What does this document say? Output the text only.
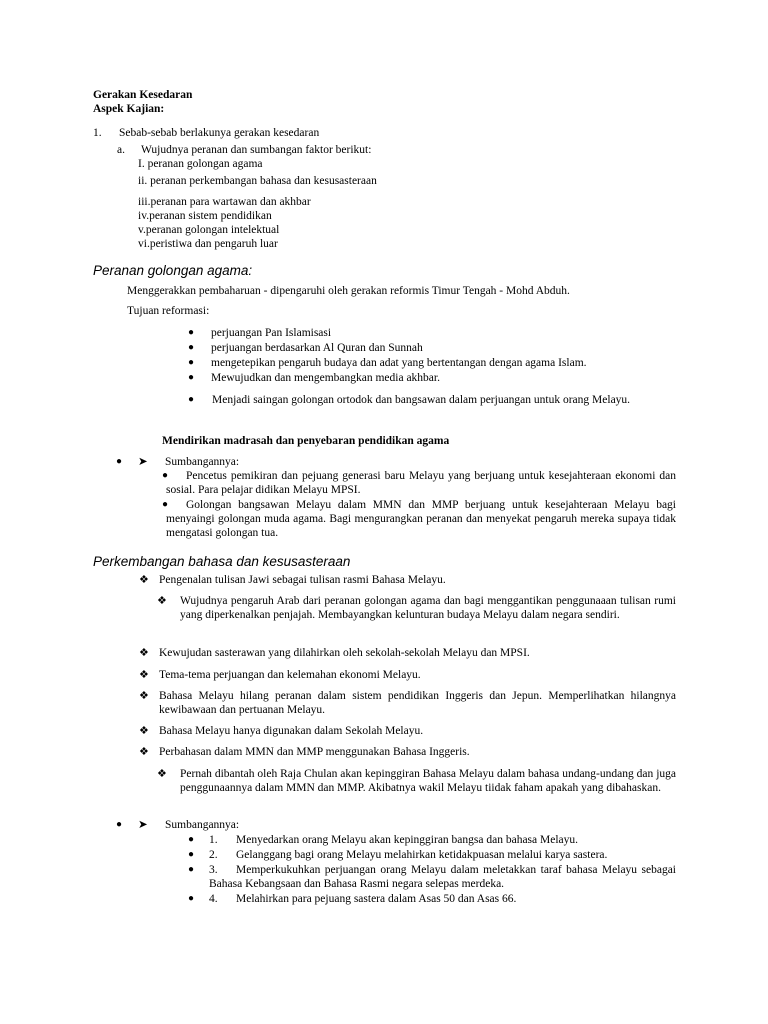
Gerakan Kesedaran
Aspek Kajian:
1. Sebab-sebab berlakunya gerakan kesedaran
a. Wujudnya peranan dan sumbangan faktor berikut:
I. peranan golongan agama
ii. peranan perkembangan bahasa dan kesusasteraan
iii.peranan para wartawan dan akhbar
iv.peranan sistem pendidikan
v.peranan golongan intelektual
vi.peristiwa dan pengaruh luar
Peranan golongan agama:
Menggerakkan pembaharuan - dipengaruhi oleh gerakan reformis Timur Tengah - Mohd Abduh.
Tujuan reformasi:
● perjuangan Pan Islamisasi
● perjuangan berdasarkan Al Quran dan Sunnah
● mengetepikan pengaruh budaya dan adat yang bertentangan dengan agama Islam.
● Mewujudkan dan mengembangkan media akhbar.
● Menjadi saingan golongan ortodok dan bangsawan dalam perjuangan untuk orang Melayu.
Mendirikan madrasah dan penyebaran pendidikan agama
● ➤ Sumbangannya:
●	Pencetus pemikiran dan pejuang generasi baru Melayu yang berjuang untuk kesejahteraan ekonomi dan sosial. Para pelajar didikan Melayu MPSI.
●	Golongan bangsawan Melayu dalam MMN dan MMP berjuang untuk kesejahteraan Melayu bagi menyaingi golongan muda agama. Bagi mengurangkan peranan dan menyekat pengaruh mereka supaya tidak mengatasi golongan tua.
Perkembangan bahasa dan kesusasteraan
❖ Pengenalan tulisan Jawi sebagai tulisan rasmi Bahasa Melayu.
❖ Wujudnya pengaruh Arab dari peranan golongan agama dan bagi menggantikan penggunaaan tulisan rumi yang diperkenalkan penjajah. Membayangkan kelunturan budaya Melayu dalam negara sendiri.
❖ Kewujudan sasterawan yang dilahirkan oleh sekolah-sekolah Melayu dan MPSI.
❖ Tema-tema perjuangan dan kelemahan ekonomi Melayu.
❖ Bahasa Melayu hilang peranan dalam sistem pendidikan Inggeris dan Jepun. Memperlihatkan hilangnya kewibawaan dan pertuanan Melayu.
❖ Bahasa Melayu hanya digunakan dalam Sekolah Melayu.
❖ Perbahasan dalam MMN dan MMP menggunakan Bahasa Inggeris.
❖ Pernah dibantah oleh Raja Chulan akan kepinggiran Bahasa Melayu dalam bahasa undang-undang dan juga penggunaannya dalam MMN dan MMP. Akibatnya wakil Melayu tiidak faham apakah yang dibahaskan.
● ➤ Sumbangannya:
● 1. Menyedarkan orang Melayu akan kepinggiran bangsa dan bahasa Melayu.
● 2. Gelanggang bagi orang Melayu melahirkan ketidakpuasan melalui karya sastera.
● 3.	Memperkukuhkan perjuangan orang Melayu dalam meletakkan taraf bahasa Melayu sebagai Bahasa Kebangsaan dan Bahasa Rasmi negara selepas merdeka.
● 4. Melahirkan para pejuang sastera dalam Asas 50 dan Asas 66.
